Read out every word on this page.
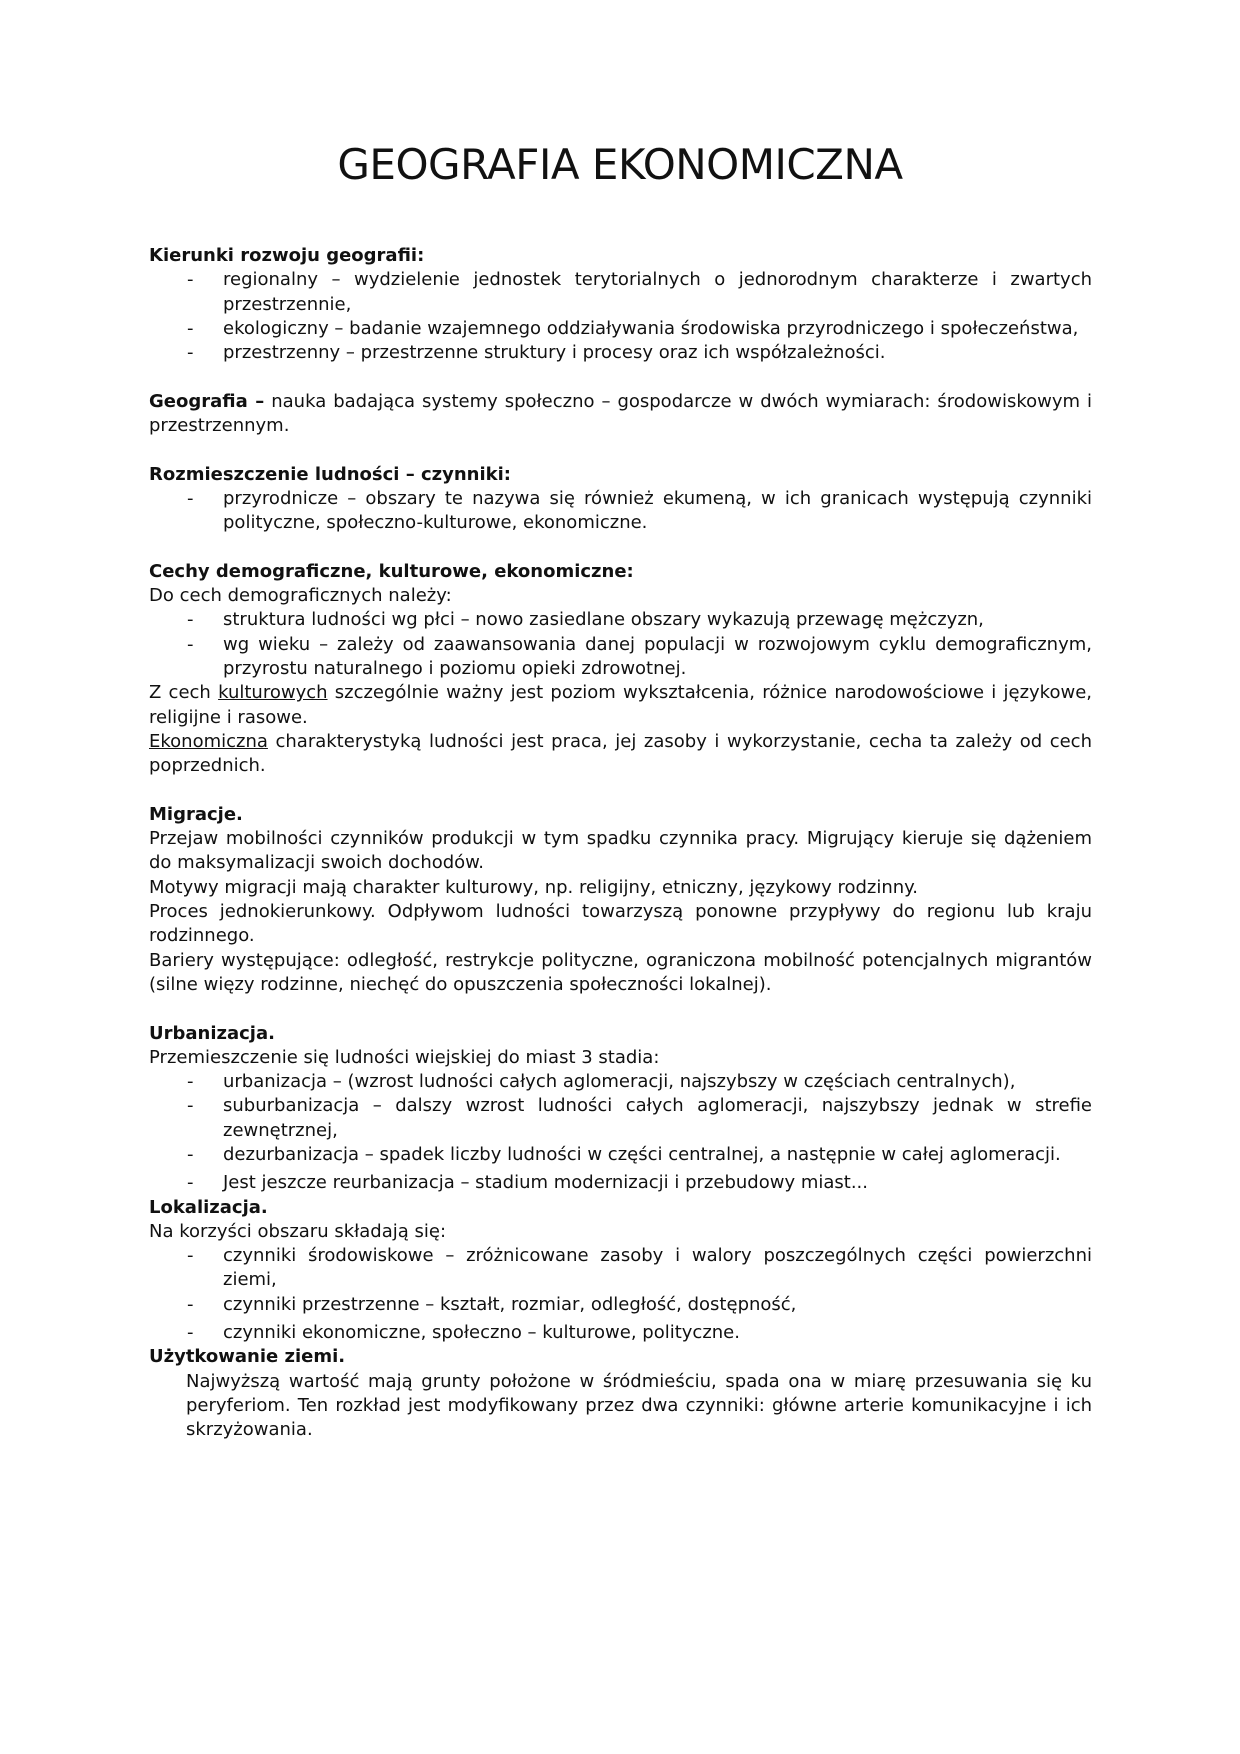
GEOGRAFIA EKONOMICZNA
Kierunki rozwoju geografii:
- regionalny – wydzielenie jednostek terytorialnych o jednorodnym charakterze i zwartych przestrzennie,
- ekologiczny – badanie wzajemnego oddziaływania środowiska przyrodniczego i społeczeństwa,
- przestrzenny – przestrzenne struktury i procesy oraz ich współzależności.

Geografia – nauka badająca systemy społeczno – gospodarcze w dwóch wymiarach: środowiskowym i przestrzennym.

Rozmieszczenie ludności – czynniki:
- przyrodnicze – obszary te nazywa się również ekumeną, w ich granicach występują czynniki polityczne, społeczno-kulturowe, ekonomiczne.
Cechy demograficzne, kulturowe, ekonomiczne:

Do cech demograficznych należy:

- struktura ludności wg płci – nowo zasiedlane obszary wykazują przewagę mężczyzn,
- wg wieku – zależy od zaawansowania danej populacji w rozwojowym cyklu demograficznym, przyrostu naturalnego i poziomu opieki zdrowotnej.

Z cech kulturowych szczególnie ważny jest poziom wykształcenia, różnice narodowościowe i językowe, religijne i rasowe.

Ekonomiczna charakterystyką ludności jest praca, jej zasoby i wykorzystanie, cecha ta zależy od cech poprzednich.

Migracje.

Przejaw mobilności czynników produkcji w tym spadku czynnika pracy. Migrujący kieruje się dążeniem do maksymalizacji swoich dochodów.

Motywy migracji mają charakter kulturowy, np. religijny, etniczny, językowy rodzinny.

Proces jednokierunkowy. Odpływom ludności towarzyszą ponowne przypływy do regionu lub kraju rodzinnego.

Bariery występujące: odległość, restrykcje polityczne, ograniczona mobilność potencjalnych migrantów (silne więzy rodzinne, niechęć do opuszczenia społeczności lokalnej).

Urbanizacja.

Przemieszczenie się ludności wiejskiej do miast 3 stadia:

- urbanizacja – (wzrost ludności całych aglomeracji, najszybszy w częściach centralnych),
- suburbanizacja – dalszy wzrost ludności całych aglomeracji, najszybszy jednak w strefie zewnętrznej,
- dezurbanizacja – spadek liczby ludności w części centralnej, a następnie w całej aglomeracji.
- Jest jeszcze reurbanizacja – stadium modernizacji i przebudowy miast...
Lokalizacja.

Na korzyści obszaru składają się:

- czynniki środowiskowe – zróżnicowane zasoby i walory poszczególnych części powierzchni ziemi,
- czynniki przestrzenne – kształt, rozmiar, odległość, dostępność,
- czynniki ekonomiczne, społeczno – kulturowe, polityczne.
Użytkowanie ziemi.

Najwyższą wartość mają grunty położone w śródmieściu, spada ona w miarę przesuwania się ku peryferiom. Ten rozkład jest modyfikowany przez dwa czynniki: główne arterie komunikacyjne i ich skrzyżowania.
